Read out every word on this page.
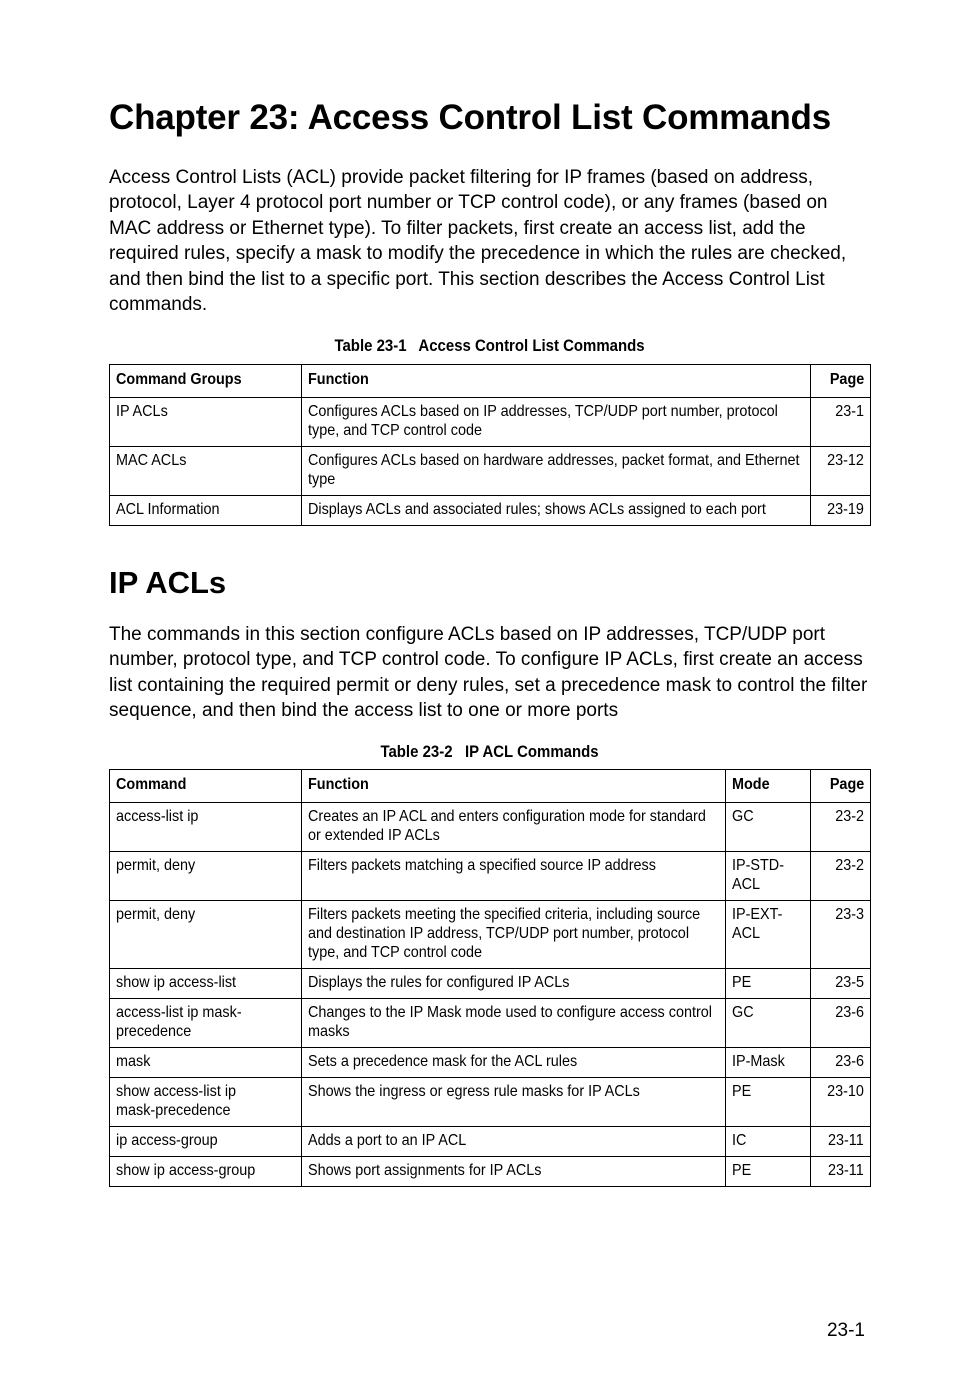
Chapter 23: Access Control List Commands

Access Control Lists (ACL) provide packet filtering for IP frames (based on address, protocol, Layer 4 protocol port number or TCP control code), or any frames (based on MAC address or Ethernet type). To filter packets, first create an access list, add the required rules, specify a mask to modify the precedence in which the rules are checked, and then bind the list to a specific port. This section describes the Access Control List commands.

Table 23-1   Access Control List Commands
Command Groups	Function	Page
IP ACLs	Configures ACLs based on IP addresses, TCP/UDP port number, protocol type, and TCP control code	23-1
MAC ACLs	Configures ACLs based on hardware addresses, packet format, and Ethernet type	23-12
ACL Information	Displays ACLs and associated rules; shows ACLs assigned to each port	23-19
IP ACLs

The commands in this section configure ACLs based on IP addresses, TCP/UDP port number, protocol type, and TCP control code. To configure IP ACLs, first create an access list containing the required permit or deny rules, set a precedence mask to control the filter sequence, and then bind the access list to one or more ports

Table 23-2   IP ACL Commands
Command	Function	Mode	Page

access-list ip	Creates an IP ACL and enters configuration mode for standard or extended IP ACLs	GC	23-2

permit, deny	Filters packets matching a specified source IP address	IP-STD-ACL	23-2

permit, deny	Filters packets meeting the specified criteria, including source and destination IP address, TCP/UDP port number, protocol type, and TCP control code	IP-EXT-ACL	23-3

show ip access-list	Displays the rules for configured IP ACLs	PE	23-5

access-list ip mask-precedence	Changes to the IP Mask mode used to configure access control masks	GC	23-6

mask	Sets a precedence mask for the ACL rules	IP-Mask	23-6

show access-list ip mask-precedence	Shows the ingress or egress rule masks for IP ACLs	PE	23-10

ip access-group	Adds a port to an IP ACL	IC	23-11

show ip access-group	Shows port assignments for IP ACLs	PE	23-11
23-1
